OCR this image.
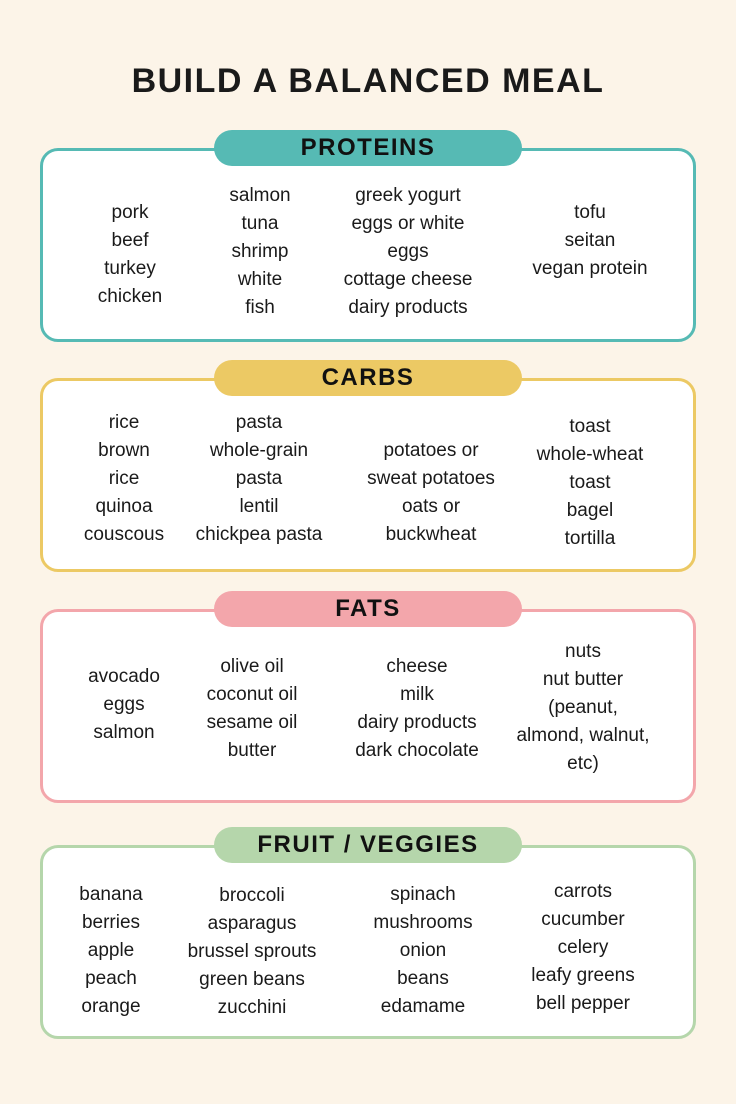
BUILD A BALANCED MEAL
PROTEINS
pork
beef
turkey
chicken
salmon
tuna
shrimp
white
fish
greek yogurt
eggs or white
eggs
cottage cheese
dairy products
tofu
seitan
vegan protein
CARBS
rice
brown
rice
quinoa
couscous
pasta
whole-grain
pasta
lentil
chickpea pasta
potatoes or
sweat potatoes
oats or
buckwheat
toast
whole-wheat
toast
bagel
tortilla
FATS
avocado
eggs
salmon
olive oil
coconut oil
sesame oil
butter
cheese
milk
dairy products
dark chocolate
nuts
nut butter
(peanut,
almond, walnut,
etc)
FRUIT / VEGGIES
banana
berries
apple
peach
orange
broccoli
asparagus
brussel sprouts
green beans
zucchini
spinach
mushrooms
onion
beans
edamame
carrots
cucumber
celery
leafy greens
bell pepper
